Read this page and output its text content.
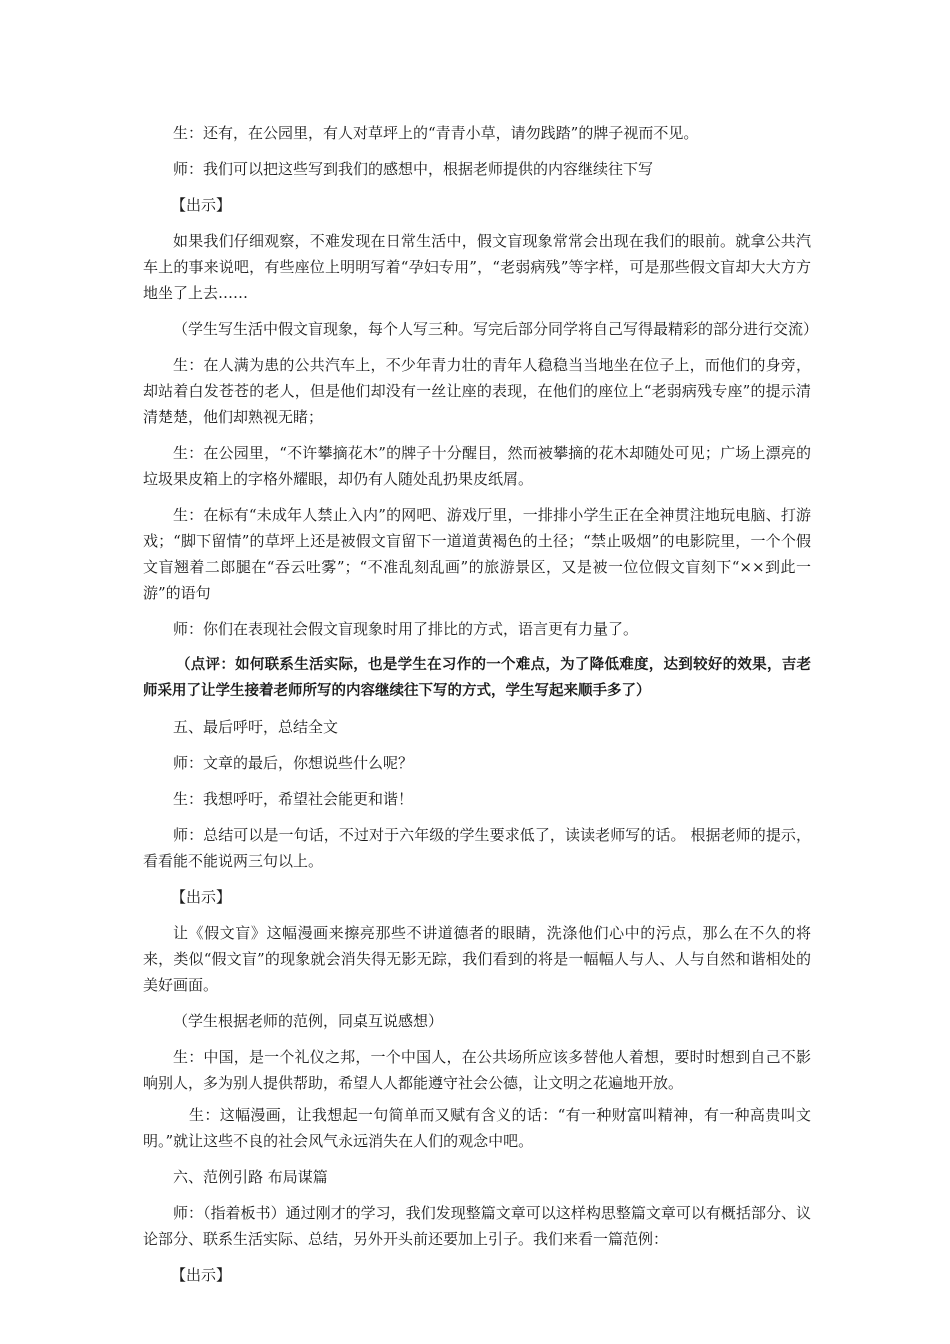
生：还有，在公园里，有人对草坪上的“青青小草，请勿践踏”的牌子视而不见。

师：我们可以把这些写到我们的感想中，根据老师提供的内容继续往下写

【出示】

如果我们仔细观察，不难发现在日常生活中，假文盲现象常常会出现在我们的眼前。就拿公共汽车上的事来说吧，有些座位上明明写着“孕妇专用”，“老弱病残”等字样，可是那些假文盲却大大方方地坐了上去……

（学生写生活中假文盲现象，每个人写三种。写完后部分同学将自己写得最精彩的部分进行交流）

生：在人满为患的公共汽车上，不少年青力壮的青年人稳稳当当地坐在位子上，而他们的身旁，却站着白发苍苍的老人，但是他们却没有一丝让座的表现，在他们的座位上“老弱病残专座”的提示清清楚楚，他们却熟视无睹；

生：在公园里，“不许攀摘花木”的牌子十分醒目，然而被攀摘的花木却随处可见；广场上漂亮的垃圾果皮箱上的字格外耀眼，却仍有人随处乱扔果皮纸屑。

生：在标有“未成年人禁止入内”的网吧、游戏厅里，一排排小学生正在全神贯注地玩电脑、打游戏；“脚下留情”的草坪上还是被假文盲留下一道道黄褐色的土径；“禁止吸烟”的电影院里，一个个假文盲翘着二郎腿在“吞云吐雾”；“不准乱刻乱画”的旅游景区，又是被一位位假文盲刻下“××到此一游”的语句

师：你们在表现社会假文盲现象时用了排比的方式，语言更有力量了。

（点评：如何联系生活实际，也是学生在习作的一个难点，为了降低难度，达到较好的效果，吉老师采用了让学生接着老师所写的内容继续往下写的方式，学生写起来顺手多了）

五、最后呼吁，总结全文

师：文章的最后，你想说些什么呢？

生：我想呼吁，希望社会能更和谐！

师：总结可以是一句话，不过对于六年级的学生要求低了，读读老师写的话。 根据老师的提示，看看能不能说两三句以上。

【出示】

让《假文盲》这幅漫画来擦亮那些不讲道德者的眼睛，洗涤他们心中的污点，那么在不久的将来，类似“假文盲”的现象就会消失得无影无踪，我们看到的将是一幅幅人与人、人与自然和谐相处的美好画面。

（学生根据老师的范例，同桌互说感想）

生：中国，是一个礼仪之邦，一个中国人，在公共场所应该多替他人着想，要时时想到自己不影响别人，多为别人提供帮助，希望人人都能遵守社会公德，让文明之花遍地开放。

生：这幅漫画，让我想起一句简单而又赋有含义的话：“有一种财富叫精神，有一种高贵叫文明。”就让这些不良的社会风气永远消失在人们的观念中吧。

六、范例引路 布局谋篇

师：（指着板书）通过刚才的学习，我们发现整篇文章可以这样构思整篇文章可以有概括部分、议论部分、联系生活实际、总结，另外开头前还要加上引子。我们来看一篇范例：

【出示】
